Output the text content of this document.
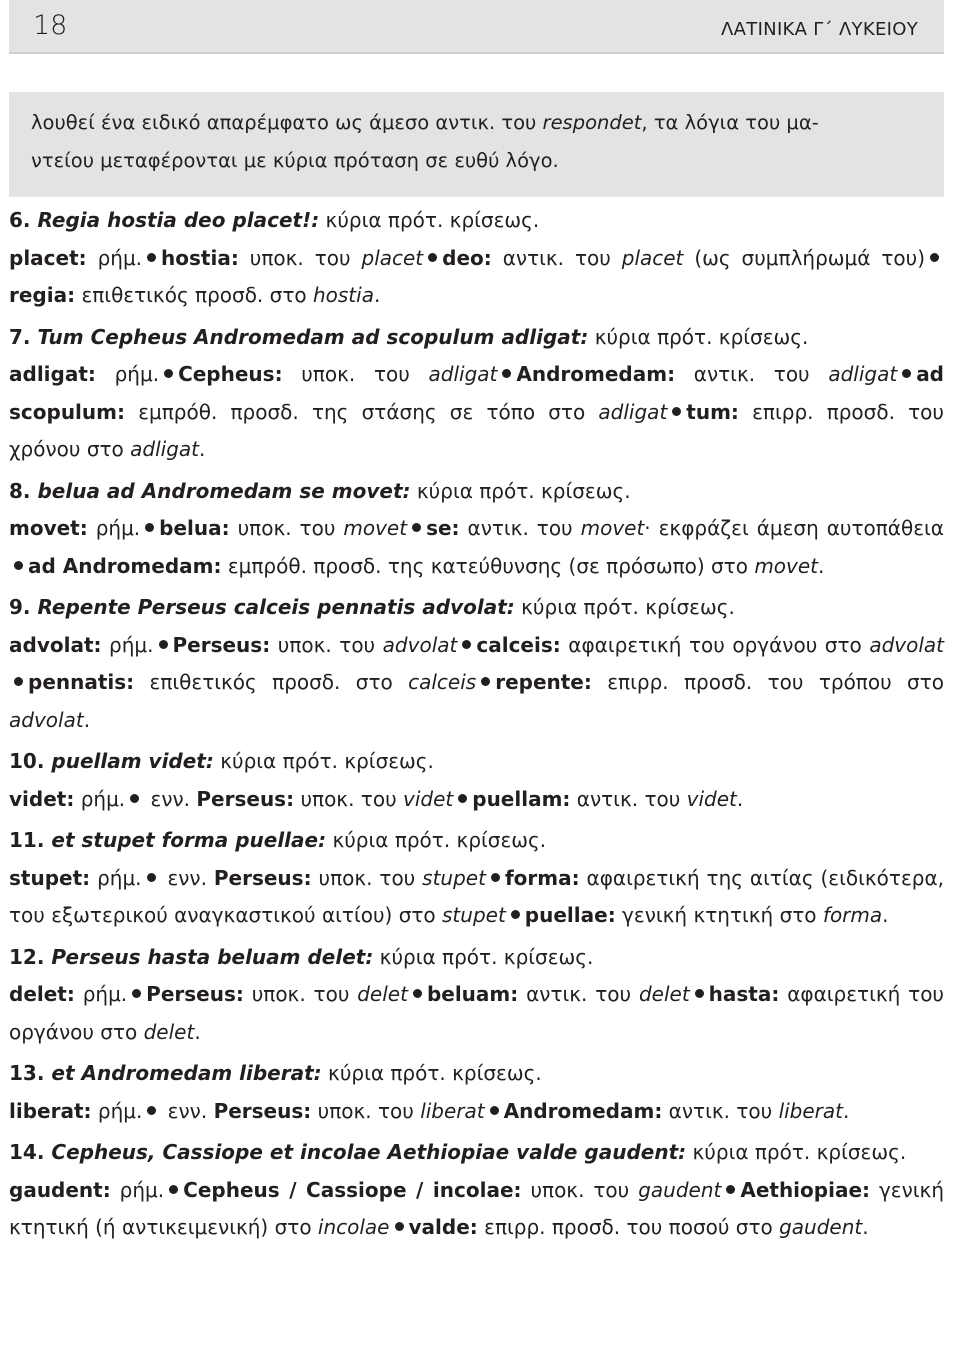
18	ΛΑΤΙΝΙΚΑ Γ΄ ΛΥΚΕΙΟΥ

λουθεί ένα ειδικό απαρέμφατο ως άμεσο αντικ. του respondet, τα λόγια του μα-

ντείου μεταφέρονται με κύρια πρόταση σε ευθύ λόγο.

6. Regia hostia deo placet!: κύρια πρότ. κρίσεως.

placet: ρήμ. hostia: υποκ. του placet deo: αντικ. του placet (ως συμπλήρωμά του)regia: επιθετικός προσδ. στο hostia.

7. Tum Cepheus Andromedam ad scopulum adligat: κύρια πρότ. κρίσεως.

adligat: ρήμ. Cepheus: υποκ. του adligat Andromedam: αντικ. του adligat ad scopulum: εμπρόθ. προσδ. της στάσης σε τόπο στο adligat tum: επιρρ. προσδ. του χρόνου στο adligat.

8. belua ad Andromedam se movet: κύρια πρότ. κρίσεως.

movet: ρήμ. belua: υποκ. του movet se: αντικ. του movet· εκφράζει άμεση αυτοπάθειαad Andromedam: εμπρόθ. προσδ. της κατεύθυνσης (σε πρόσωπο) στο movet.

9. Repente Perseus calceis pennatis advolat: κύρια πρότ. κρίσεως.

advolat: ρήμ. Perseus: υποκ. του advolat calceis: αφαιρετική του οργάνου στο advolatpennatis: επιθετικός προσδ. στο calceis repente: επιρρ. προσδ. του τρόπου στο advolat.

10. puellam videt: κύρια πρότ. κρίσεως.

videt: ρήμ. ενν. Perseus: υποκ. του videt puellam: αντικ. του videt.

11. et stupet forma puellae: κύρια πρότ. κρίσεως.

stupet: ρήμ. ενν. Perseus: υποκ. του stupet forma: αφαιρετική της αιτίας (ειδικότερα, του εξωτερικού αναγκαστικού αιτίου) στο stupet puellae: γενική κτητική στο forma.

12. Perseus hasta beluam delet: κύρια πρότ. κρίσεως.

delet: ρήμ. Perseus: υποκ. του delet beluam: αντικ. του delet hasta: αφαιρετική του οργάνου στο delet.

13. et Andromedam liberat: κύρια πρότ. κρίσεως.

liberat: ρήμ. ενν. Perseus: υποκ. του liberat Andromedam: αντικ. του liberat.

14. Cepheus, Cassiope et incolae Aethiopiae valde gaudent: κύρια πρότ. κρίσεως.

gaudent: ρήμ. Cepheus / Cassiope / incolae: υποκ. του gaudent Aethiopiae: γενική κτητική (ή αντικειμενική) στο incolae valde: επιρρ. προσδ. του ποσού στο gaudent.
